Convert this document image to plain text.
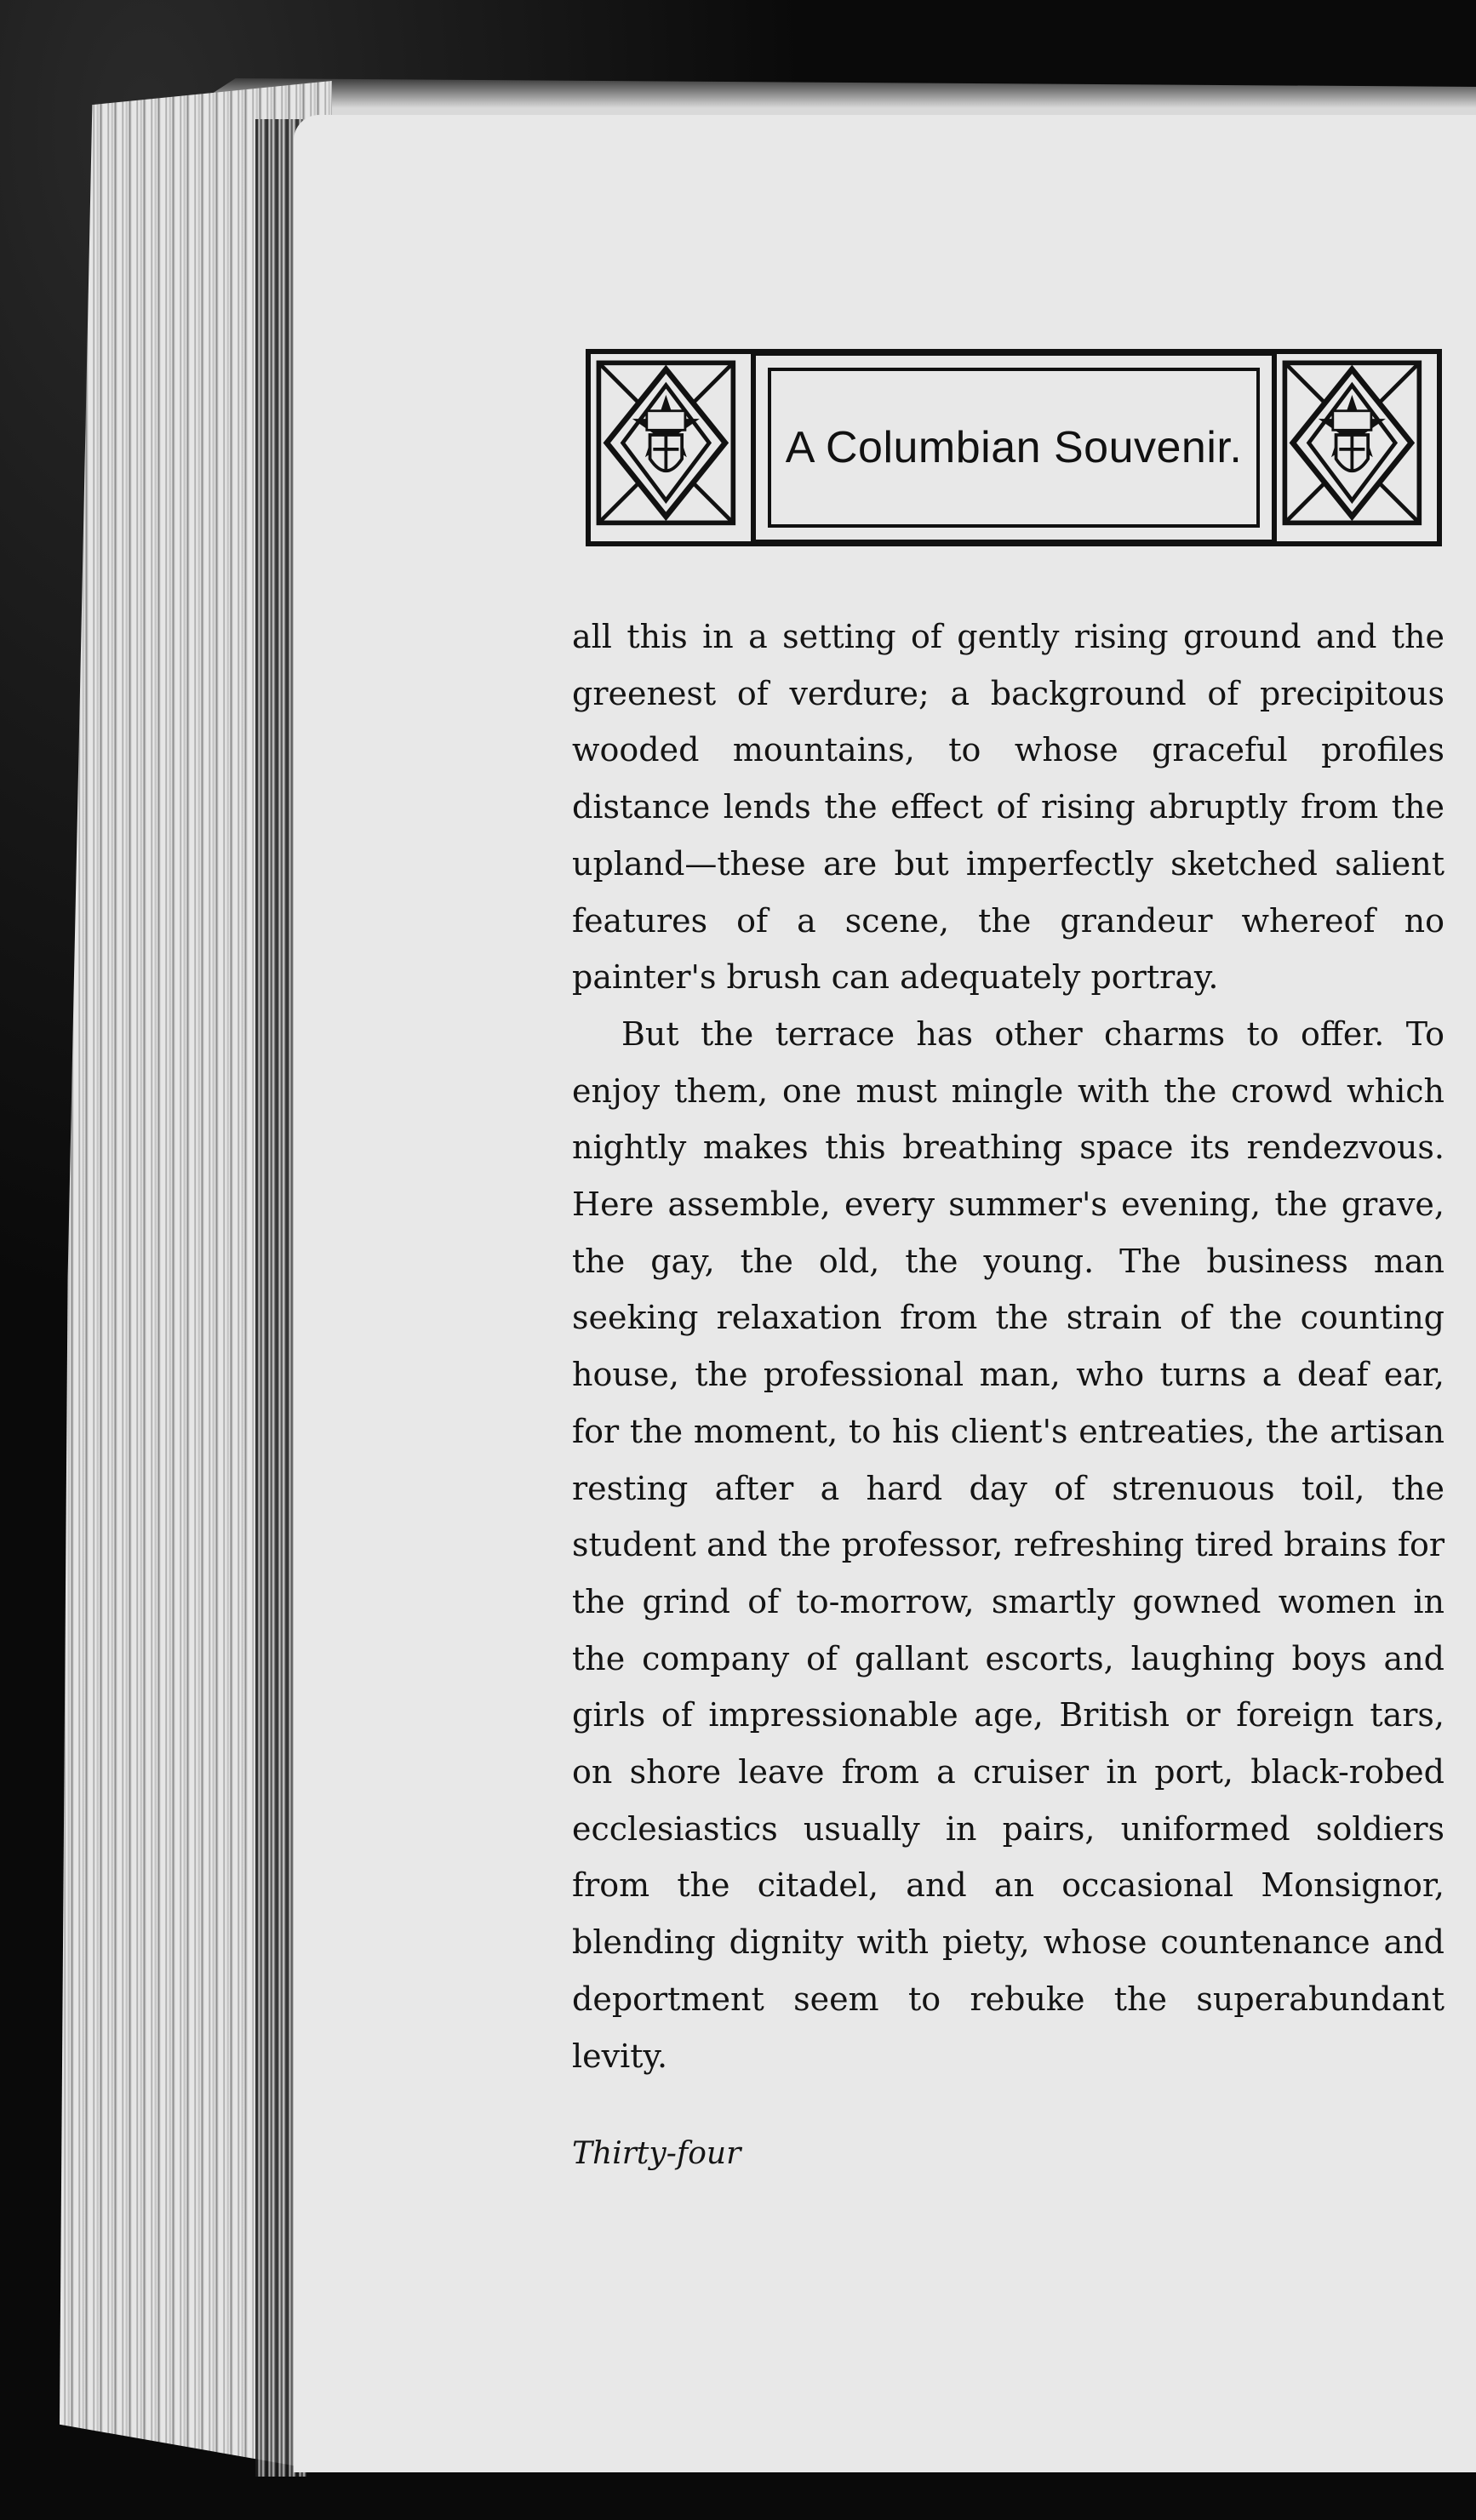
A Columbian Souvenir.

all this in a setting of gently rising ground and the greenest of verdure; a background of precipitous wooded mountains, to whose graceful profiles distance lends the effect of rising abruptly from the upland—these are but imperfectly sketched salient features of a scene, the grandeur whereof no painter's brush can adequately portray.

But the terrace has other charms to offer. To enjoy them, one must mingle with the crowd which nightly makes this breathing space its rendezvous. Here assemble, every summer's evening, the grave, the gay, the old, the young. The business man seeking relaxation from the strain of the counting house, the professional man, who turns a deaf ear, for the moment, to his client's entreaties, the artisan resting after a hard day of strenuous toil, the student and the professor, refreshing tired brains for the grind of to-morrow, smartly gowned women in the company of gallant escorts, laughing boys and girls of impressionable age, British or foreign tars, on shore leave from a cruiser in port, black-robed ecclesiastics usually in pairs, uniformed soldiers from the citadel, and an occasional Monsignor, blending dignity with piety, whose countenance and deportment seem to rebuke the superabundant levity.

Thirty-four
